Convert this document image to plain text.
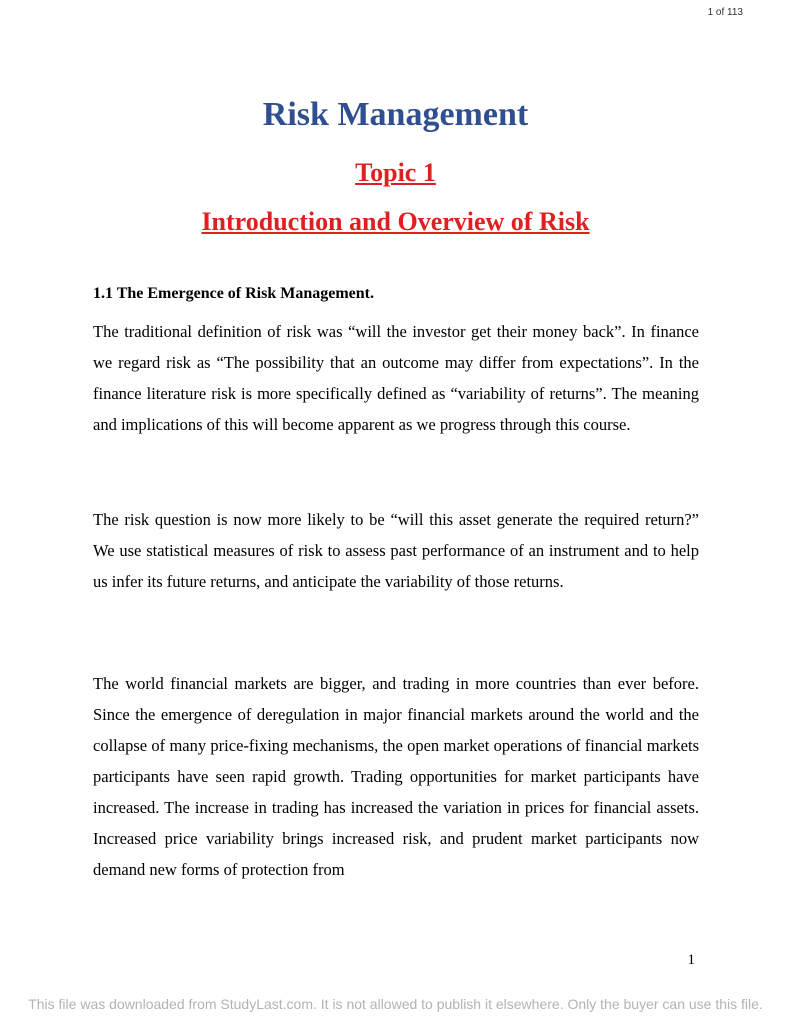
1 of 113
Risk Management
Topic 1
Introduction and Overview of Risk
1.1 The Emergence of Risk Management.

The traditional definition of risk was “will the investor get their money back”. In finance we regard risk as “The possibility that an outcome may differ from expectations”. In the finance literature risk is more specifically defined as “variability of returns”. The meaning and implications of this will become apparent as we progress through this course.

The risk question is now more likely to be “will this asset generate the required return?” We use statistical measures of risk to assess past performance of an instrument and to help us infer its future returns, and anticipate the variability of those returns.

The world financial markets are bigger, and trading in more countries than ever before. Since the emergence of deregulation in major financial markets around the world and the collapse of many price-fixing mechanisms, the open market operations of financial markets participants have seen rapid growth. Trading opportunities for market participants have increased. The increase in trading has increased the variation in prices for financial assets. Increased price variability brings increased risk, and prudent market participants now demand new forms of protection from

1
This file was downloaded from StudyLast.com. It is not allowed to publish it elsewhere. Only the buyer can use this file.
